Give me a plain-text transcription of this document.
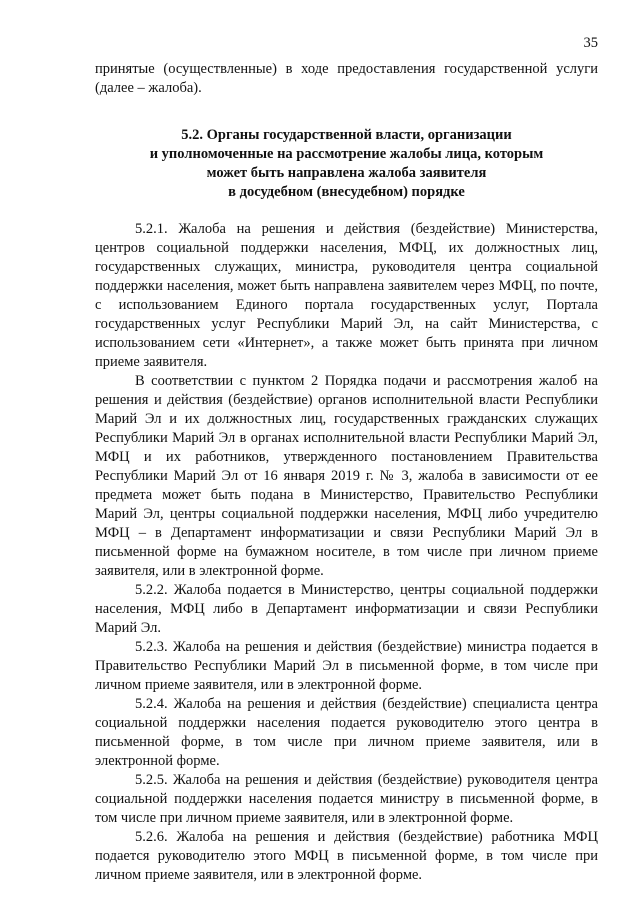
35

принятые (осуществленные) в ходе предоставления государственной услуги (далее – жалоба).

5.2. Органы государственной власти, организации
и уполномоченные на рассмотрение жалобы лица, которым
может быть направлена жалоба заявителя
в досудебном (внесудебном) порядке

5.2.1. Жалоба на решения и действия (бездействие) Министерства, центров социальной поддержки населения, МФЦ, их должностных лиц, государственных служащих, министра, руководителя центра социальной поддержки населения, может быть направлена заявителем через МФЦ, по почте, с использованием Единого портала государственных услуг, Портала государственных услуг Республики Марий Эл, на сайт Министерства, с использованием сети «Интернет», а также может быть принята при личном приеме заявителя.

В соответствии с пунктом 2 Порядка подачи и рассмотрения жалоб на решения и действия (бездействие) органов исполнительной власти Республики Марий Эл и их должностных лиц, государственных гражданских служащих Республики Марий Эл в органах исполнительной власти Республики Марий Эл, МФЦ и их работников, утвержденного постановлением Правительства Республики Марий Эл от 16 января 2019 г. № 3, жалоба в зависимости от ее предмета может быть подана в Министерство, Правительство Республики Марий Эл, центры социальной поддержки населения, МФЦ либо учредителю МФЦ – в Департамент информатизации и связи Республики Марий Эл в письменной форме на бумажном носителе, в том числе при личном приеме заявителя, или в электронной форме.

5.2.2. Жалоба подается в Министерство, центры социальной поддержки населения, МФЦ либо в Департамент информатизации и связи Республики Марий Эл.

5.2.3. Жалоба на решения и действия (бездействие) министра подается в Правительство Республики Марий Эл в письменной форме, в том числе при личном приеме заявителя, или в электронной форме.

5.2.4. Жалоба на решения и действия (бездействие) специалиста центра социальной поддержки населения подается руководителю этого центра в письменной форме, в том числе при личном приеме заявителя, или в электронной форме.

5.2.5. Жалоба на решения и действия (бездействие) руководителя центра социальной поддержки населения подается министру в письменной форме, в том числе при личном приеме заявителя, или в электронной форме.

5.2.6. Жалоба на решения и действия (бездействие) работника МФЦ подается руководителю этого МФЦ в письменной форме, в том числе при личном приеме заявителя, или в электронной форме.
